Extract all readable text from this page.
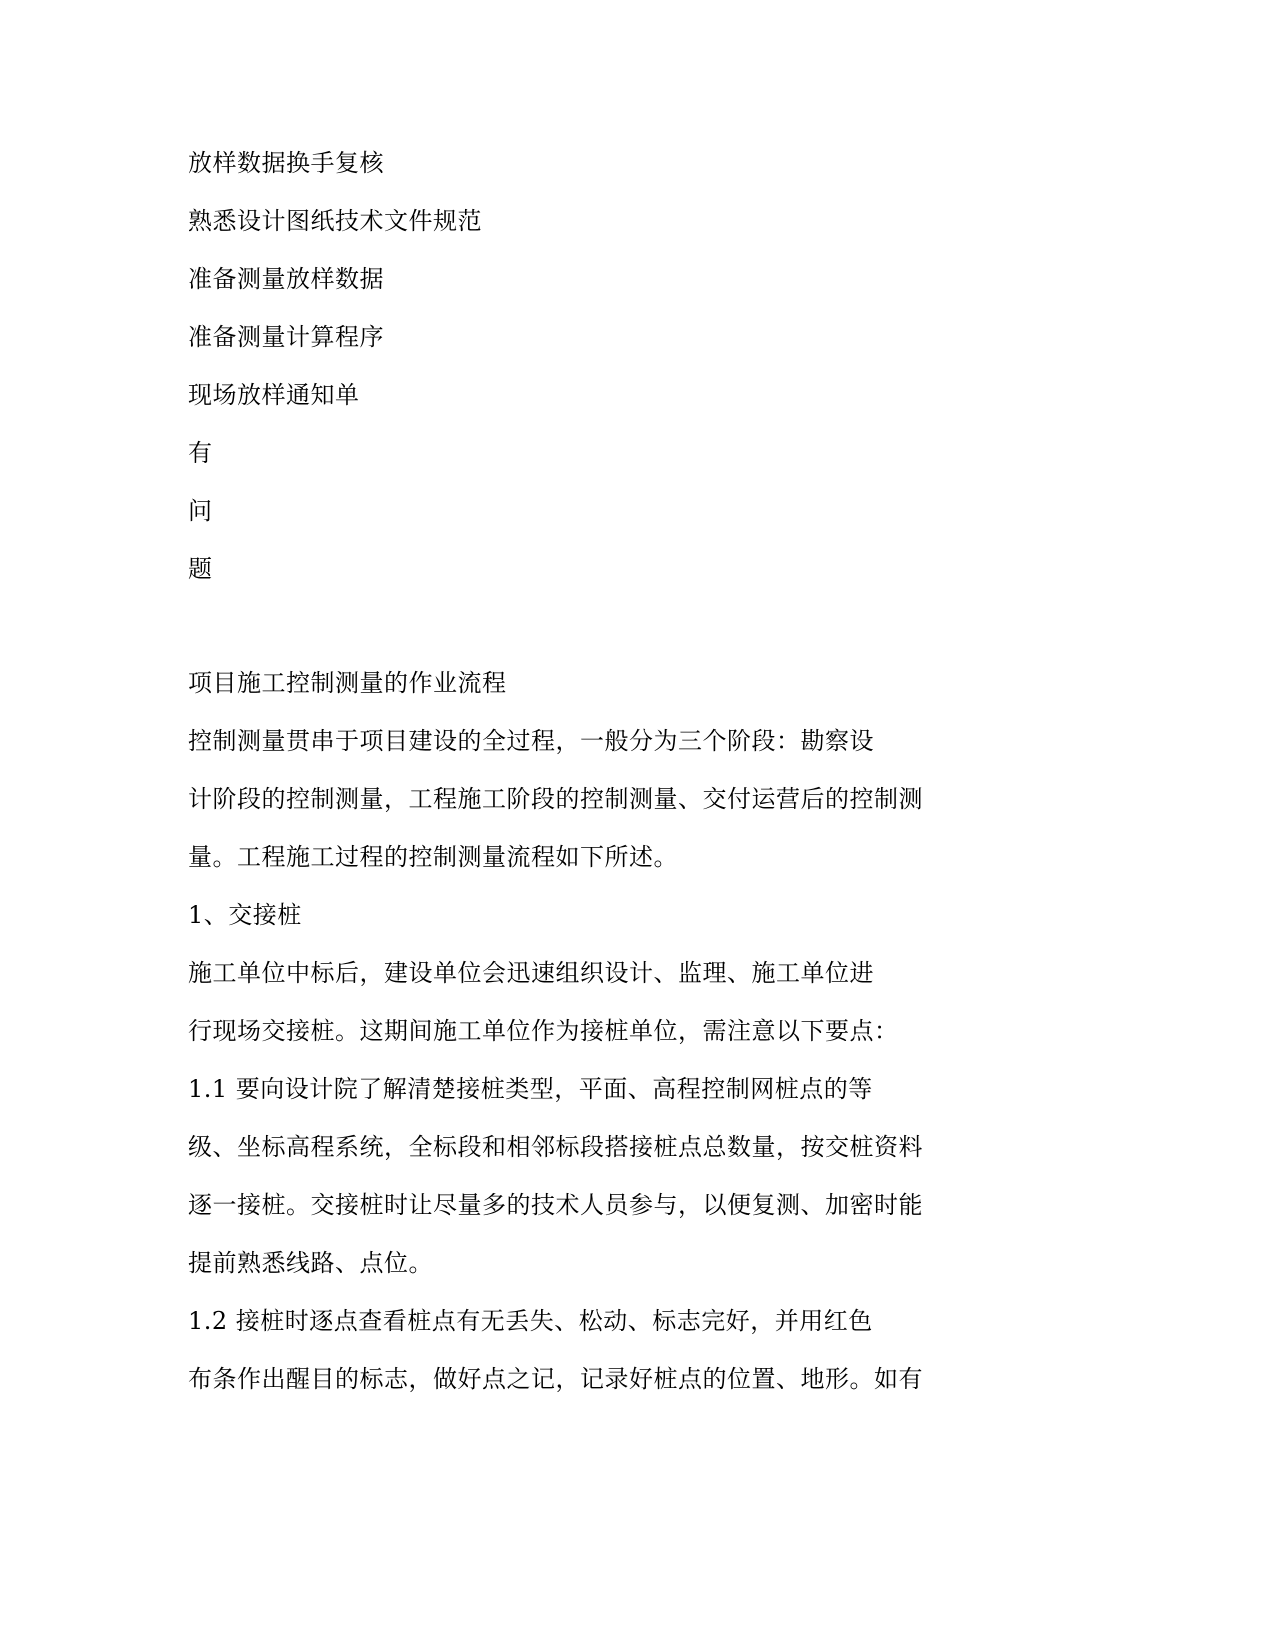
放样数据换手复核
熟悉设计图纸技术文件规范
准备测量放样数据
准备测量计算程序
现场放样通知单
有
问
题
项目施工控制测量的作业流程
控制测量贯串于项目建设的全过程，一般分为三个阶段：勘察设
计阶段的控制测量，工程施工阶段的控制测量、交付运营后的控制测
量。工程施工过程的控制测量流程如下所述。
1、交接桩
施工单位中标后，建设单位会迅速组织设计、监理、施工单位进
行现场交接桩。这期间施工单位作为接桩单位，需注意以下要点：
1.1 要向设计院了解清楚接桩类型，平面、高程控制网桩点的等
级、坐标高程系统，全标段和相邻标段搭接桩点总数量，按交桩资料
逐一接桩。交接桩时让尽量多的技术人员参与，以便复测、加密时能
提前熟悉线路、点位。
1.2 接桩时逐点查看桩点有无丢失、松动、标志完好，并用红色
布条作出醒目的标志，做好点之记，记录好桩点的位置、地形。如有
